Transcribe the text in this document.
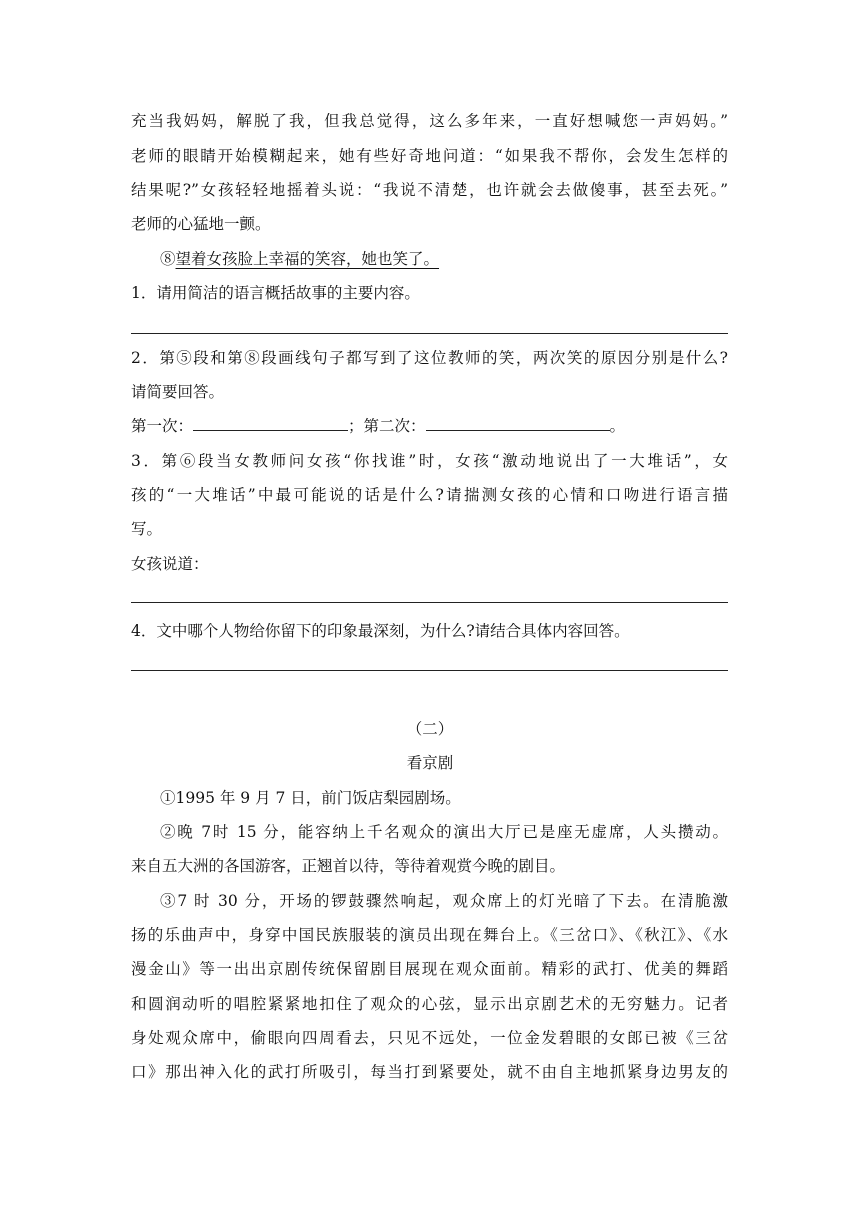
充当我妈妈，解脱了我，但我总觉得，这么多年来，一直好想喊您一声妈妈。”
老师的眼睛开始模糊起来，她有些好奇地问道：“如果我不帮你，会发生怎样的
结果呢?”女孩轻轻地摇着头说：“我说不清楚，也许就会去做傻事，甚至去死。”
老师的心猛地一颤。
⑧望着女孩脸上幸福的笑容，她也笑了。
1．请用简洁的语言概括故事的主要内容。
2．第⑤段和第⑧段画线句子都写到了这位教师的笑，两次笑的原因分别是什么?
请简要回答。
第一次：	；第二次：	。
3．第⑥段当女教师问女孩“你找谁”时，女孩“激动地说出了一大堆话”，女
孩的“一大堆话”中最可能说的话是什么?请揣测女孩的心情和口吻进行语言描
写。
女孩说道：
4．文中哪个人物给你留下的印象最深刻，为什么?请结合具体内容回答。
（二）
看京剧
①1995 年 9 月 7 日，前门饭店梨园剧场。
②晚 7时 15 分，能容纳上千名观众的演出大厅已是座无虚席，人头攒动。
来自五大洲的各国游客，正翘首以待，等待着观赏今晚的剧目。
③7 时 30 分，开场的锣鼓骤然响起，观众席上的灯光暗了下去。在清脆激
扬的乐曲声中，身穿中国民族服装的演员出现在舞台上。《三岔口》、《秋江》、《水
漫金山》等一出出京剧传统保留剧目展现在观众面前。精彩的武打、优美的舞蹈
和圆润动听的唱腔紧紧地扣住了观众的心弦，显示出京剧艺术的无穷魅力。记者
身处观众席中，偷眼向四周看去，只见不远处，一位金发碧眼的女郎已被《三岔
口》那出神入化的武打所吸引，每当打到紧要处，就不由自主地抓紧身边男友的
